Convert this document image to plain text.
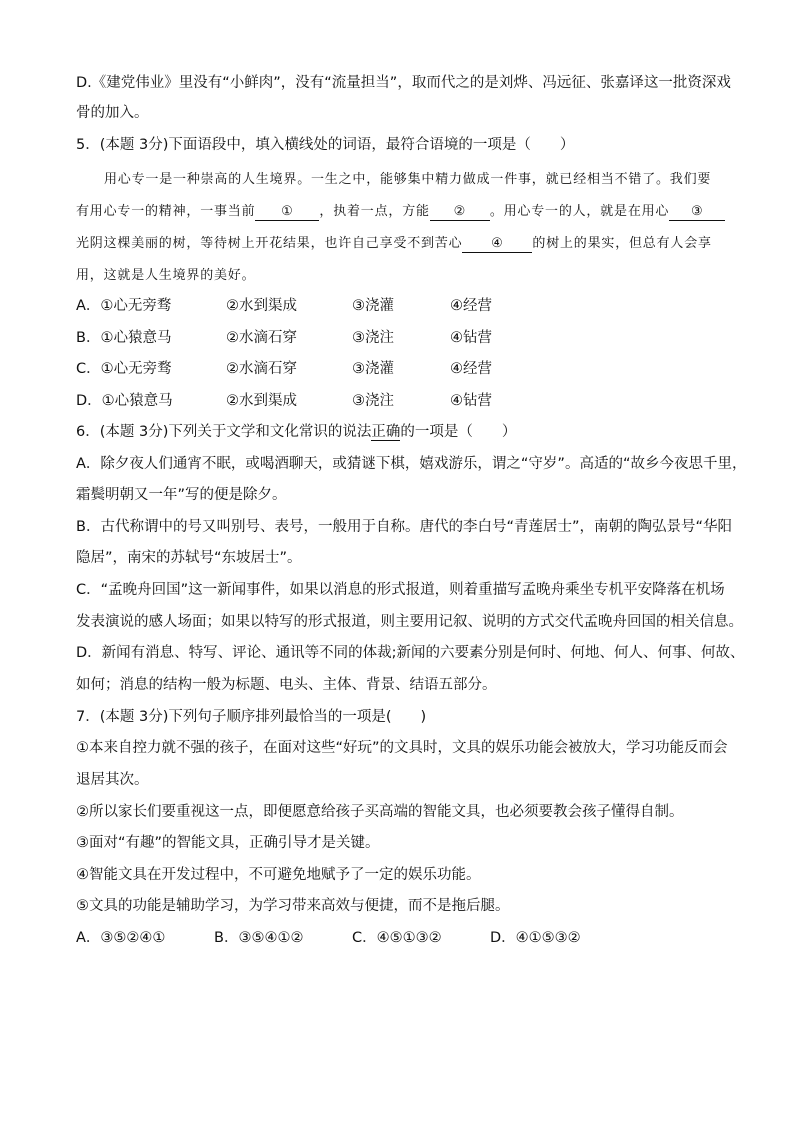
D.《建党伟业》里没有“小鲜肉”，没有“流量担当”，取而代之的是刘烨、冯远征、张嘉译这一批资深戏
骨的加入。
5．(本题 3分)下面语段中，填入横线处的词语，最符合语境的一项是（　　）
用心专一是一种崇高的人生境界。一生之中，能够集中精力做成一件事，就已经相当不错了。我们要
有用心专一的精神，一事当前 ① ，执着一点，方能 ② 。用心专一的人，就是在用心 ③
光阴这棵美丽的树，等待树上开花结果，也许自己享受不到苦心 ④ 的树上的果实，但总有人会享
用，这就是人生境界的美好。
A．①心无旁骛	②水到渠成	③浇灌	④经营
B．①心猿意马	②水滴石穿	③浇注	④钻营
C．①心无旁骛	②水滴石穿	③浇灌	④经营
D．①心猿意马	②水到渠成	③浇注	④钻营
6．(本题 3分)下列关于文学和文化常识的说法正确的一项是（　　）
A．除夕夜人们通宵不眠，或喝酒聊天，或猜谜下棋，嬉戏游乐，谓之“守岁”。高适的“故乡今夜思千里，
霜鬓明朝又一年”写的便是除夕。
B．古代称谓中的号又叫别号、表号，一般用于自称。唐代的李白号“青莲居士”，南朝的陶弘景号“华阳
隐居”，南宋的苏轼号“东坡居士”。
C．“孟晚舟回国”这一新闻事件，如果以消息的形式报道，则着重描写孟晚舟乘坐专机平安降落在机场
发表演说的感人场面；如果以特写的形式报道，则主要用记叙、说明的方式交代孟晚舟回国的相关信息。
D．新闻有消息、特写、评论、通讯等不同的体裁;新闻的六要素分别是何时、何地、何人、何事、何故、
如何；消息的结构一般为标题、电头、主体、背景、结语五部分。
7．(本题 3分)下列句子顺序排列最恰当的一项是(　　)
①本来自控力就不强的孩子，在面对这些“好玩”的文具时，文具的娱乐功能会被放大，学习功能反而会
退居其次。
②所以家长们要重视这一点，即便愿意给孩子买高端的智能文具，也必须要教会孩子懂得自制。
③面对“有趣”的智能文具，正确引导才是关键。
④智能文具在开发过程中，不可避免地赋予了一定的娱乐功能。
⑤文具的功能是辅助学习，为学习带来高效与便捷，而不是拖后腿。
A．③⑤②④①	B．③⑤④①②	C．④⑤①③②	D．④①⑤③②
